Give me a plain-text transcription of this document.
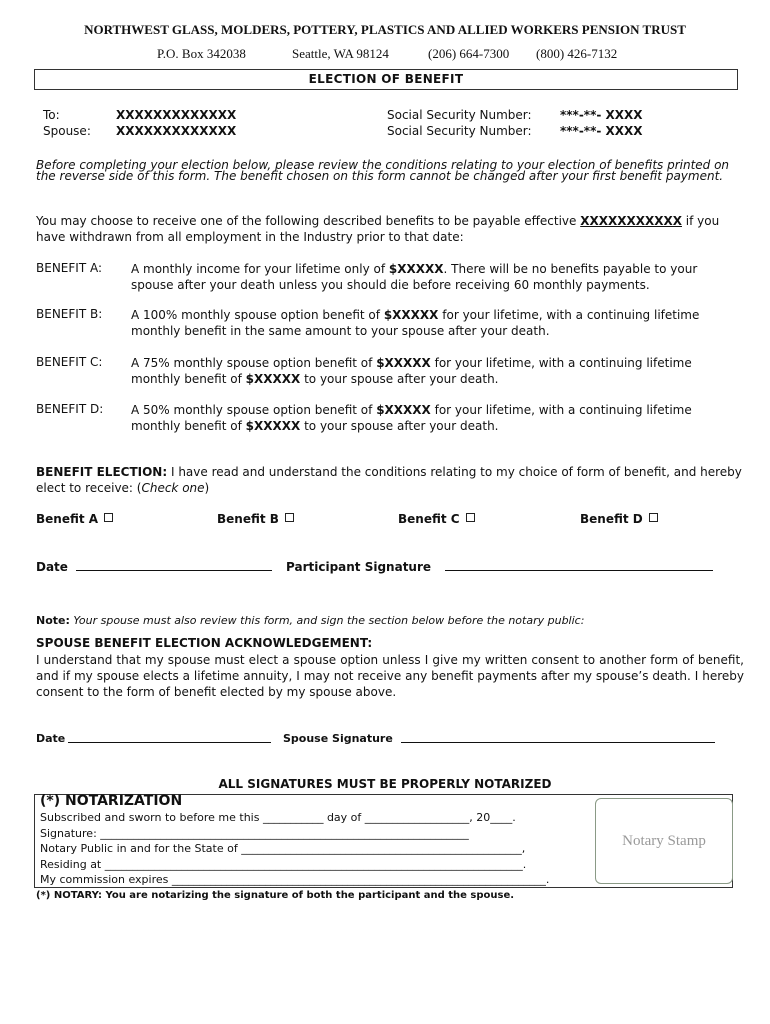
NORTHWEST GLASS, MOLDERS, POTTERY, PLASTICS AND ALLIED WORKERS PENSION TRUST
P.O. Box 342038	Seattle, WA 98124	(206) 664-7300 (800) 426-7132
ELECTION OF BENEFIT
To:	XXXXXXXXXXXXX
Spouse: XXXXXXXXXXXXX
Social Security Number: ***-**- XXXX
Social Security Number: ***-**- XXXX
Before completing your election below, please review the conditions relating to your election of benefits printed on the reverse side of this form. The benefit chosen on this form cannot be changed after your first benefit payment.
You may choose to receive one of the following described benefits to be payable effective XXXXXXXXXXX if you have withdrawn from all employment in the Industry prior to that date:
BENEFIT A: A monthly income for your lifetime only of $XXXXX. There will be no benefits payable to your spouse after your death unless you should die before receiving 60 monthly payments.
BENEFIT B: A 100% monthly spouse option benefit of $XXXXX for your lifetime, with a continuing lifetime monthly benefit in the same amount to your spouse after your death.
BENEFIT C: A 75% monthly spouse option benefit of $XXXXX for your lifetime, with a continuing lifetime monthly benefit of $XXXXX to your spouse after your death.
BENEFIT D: A 50% monthly spouse option benefit of $XXXXX for your lifetime, with a continuing lifetime monthly benefit of $XXXXX to your spouse after your death.
BENEFIT ELECTION: I have read and understand the conditions relating to my choice of form of benefit, and hereby elect to receive: (Check one)
Benefit A	Benefit B	Benefit C	Benefit D
Date	Participant Signature
Note: Your spouse must also review this form, and sign the section below before the notary public:
SPOUSE BENEFIT ELECTION ACKNOWLEDGEMENT:
I understand that my spouse must elect a spouse option unless I give my written consent to another form of benefit, and if my spouse elects a lifetime annuity, I may not receive any benefit payments after my spouse’s death. I hereby consent to the form of benefit elected by my spouse above.
Date	Spouse Signature
ALL SIGNATURES MUST BE PROPERLY NOTARIZED
(*) NOTARIZATION
Subscribed and sworn to before me this ___________ day of ___________________, 20____.
Signature: ___________________________________________________________________
Notary Public in and for the State of ___________________________________________________,
Residing at ____________________________________________________________________________.
My commission expires ____________________________________________________________________.
Notary Stamp
(*) NOTARY: You are notarizing the signature of both the participant and the spouse.
